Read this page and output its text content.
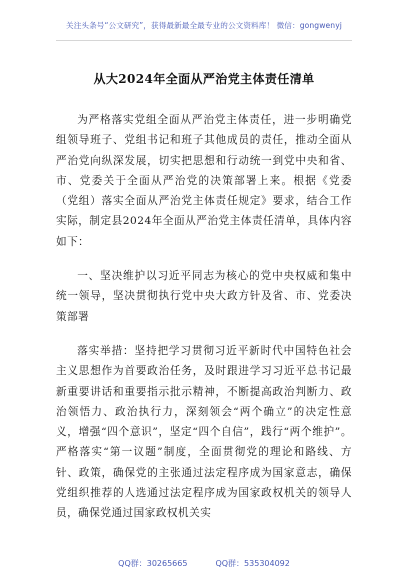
关注头条号“公文研究”，获得最新最全最专业的公文资料库！ 微信：gongwenyj
从大2024年全面从严治党主体责任清单

为严格落实党组全面从严治党主体责任，进一步明确党组领导班子、党组书记和班子其他成员的责任，推动全面从严治党向纵深发展，切实把思想和行动统一到党中央和省、市、党委关于全面从严治党的决策部署上来。根据《党委（党组）落实全面从严治党主体责任规定》要求，结合工作实际，制定县2024年全面从严治党主体责任清单，具体内容如下：

一、坚决维护以习近平同志为核心的党中央权威和集中统一领导，坚决贯彻执行党中央大政方针及省、市、党委决策部署

落实举措：坚持把学习贯彻习近平新时代中国特色社会主义思想作为首要政治任务，及时跟进学习习近平总书记最新重要讲话和重要指示批示精神，不断提高政治判断力、政治领悟力、政治执行力，深刻领会“两个确立”的决定性意义，增强“四个意识”，坚定“四个自信”，践行“两个维护”。严格落实“第一议题”制度，全面贯彻党的理论和路线、方针、政策，确保党的主张通过法定程序成为国家意志，确保党组织推荐的人选通过法定程序成为国家政权机关的领导人员，确保党通过国家政权机关实

QQ群：30265665	QQ群：535304092
